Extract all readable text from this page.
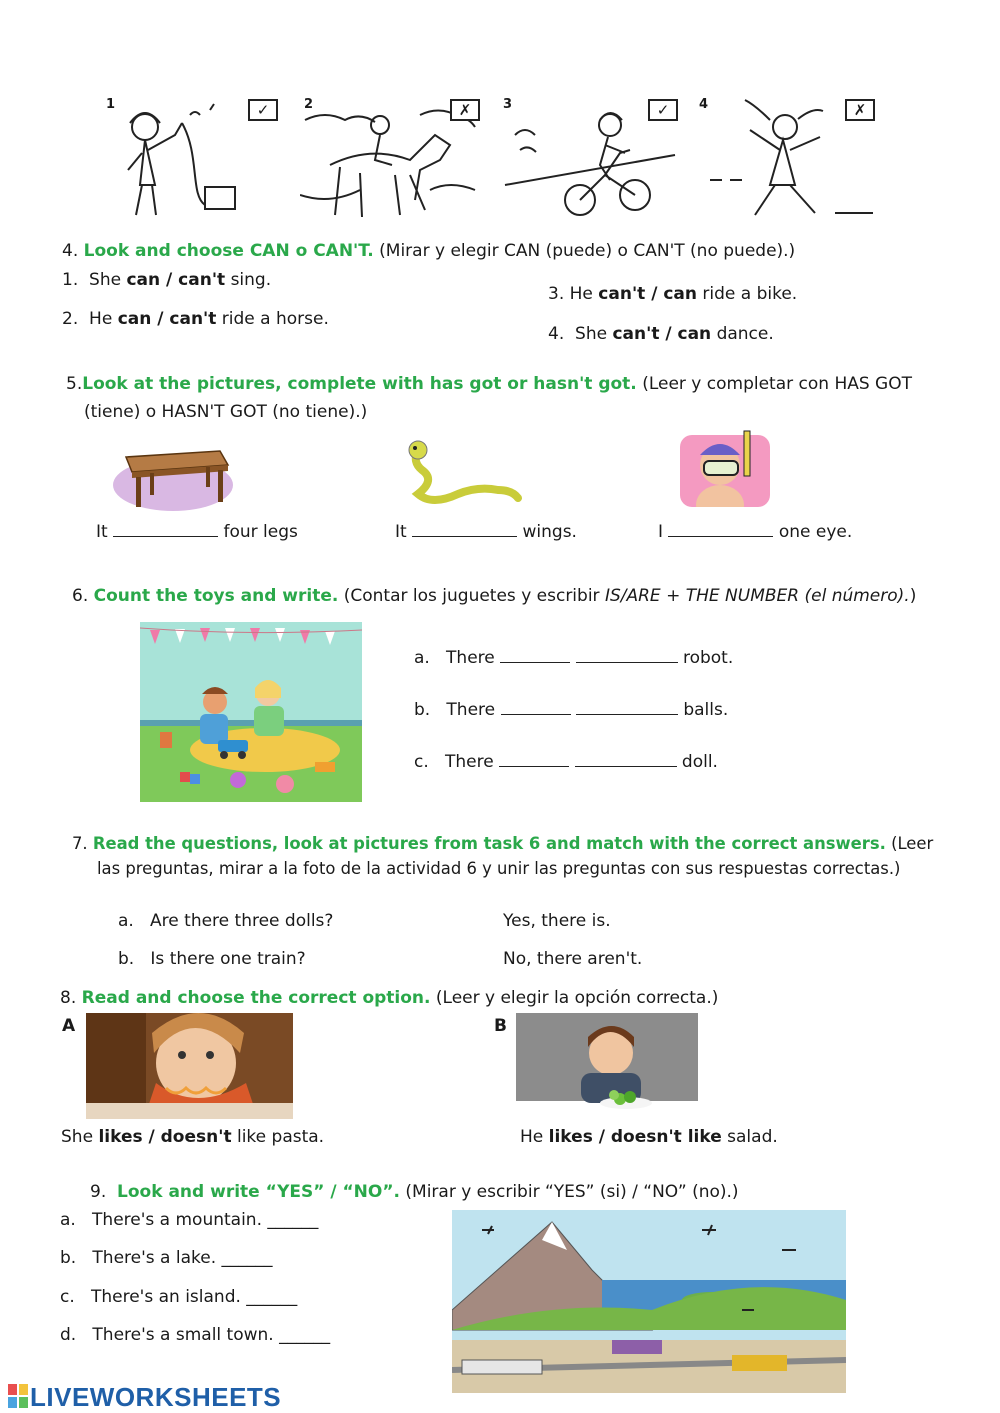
1	✓	2	✗	3	✓	4	✗
4. Look and choose CAN o CAN'T. (Mirar y elegir CAN (puede) o CAN'T (no puede).)
1. She can / can't sing.
2. He can / can't ride a horse.
3. He can't / can ride a bike.
4. She can't / can dance.
5.Look at the pictures, complete with has got or hasn't got. (Leer y completar con HAS GOT
(tiene) o HASN'T GOT (no tiene).)
It	four legs	It	wings.	I	one eye.
6. Count the toys and write. (Contar los juguetes y escribir IS/ARE + THE NUMBER (el número).)
a. There	robot.
b. There	balls.
c. There	doll.
7. Read the questions, look at pictures from task 6 and match with the correct answers. (Leer
las preguntas, mirar a la foto de la actividad 6 y unir las preguntas con sus respuestas correctas.)
a. Are there three dolls?
b. Is there one train?
Yes, there is.
No, there aren't.
8. Read and choose the correct option. (Leer y elegir la opción correcta.)
A	B
She likes / doesn't like pasta.	He likes / doesn't like salad.
9. Look and write “YES” / “NO”. (Mirar y escribir “YES” (si) / “NO” (no).)
a. There's a mountain. ______
b. There's a lake. ______
c. There's an island. ______
d. There's a small town. ______
LIVEWORKSHEETS
